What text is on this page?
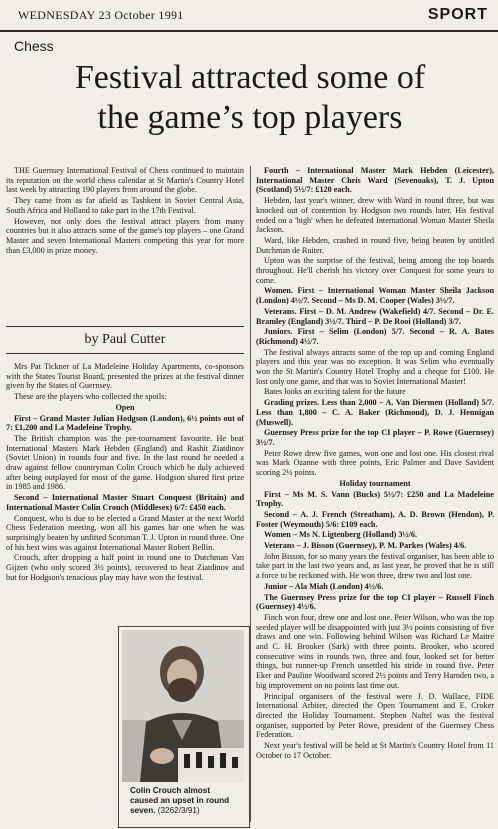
WEDNESDAY 23 October 1991	SPORT
Chess
Festival attracted some of
the game’s top players

THE Guernsey International Festival of Chess continued to maintain its reputation on the world chess calendar at St Martin's Country Hotel last week by attracting 190 players from around the globe.

They came from as far afield as Tashkent in Soviet Central Asia, South Africa and Holland to take part in the 17th Festival.

However, not only does the festival attract players from many countries but it also attracts some of the game's top players – one Grand Master and seven International Masters competing this year for more than £3,000 in prize money.

by Paul Cutter

Mrs Pat Tickner of La Madeleine Holiday Apartments, co-sponsors with the States Tourist Board, presented the prizes at the festival dinner given by the States of Guernsey.

These are the players who collected the spoils:

Open

First – Grand Master Julian Hodgson (London), 6½ points out of 7: £1,200 and La Madeleine Trophy.

The British champion was the pre-tournament favourite. He beat International Masters Mark Hebden (England) and Rashit Ziatdinov (Soviet Union) in rounds four and five. In the last round he needed a draw against fellow countryman Colin Crouch which he duly achieved after being outplayed for most of the game. Hodgson shared first prize in 1985 and 1986.

Second – International Master Stuart Conquest (Britain) and International Master Colin Crouch (Middlesex) 6/7: £450 each.

Conquest, who is due to be elected a Grand Master at the next World Chess Federation meeting, won all his games bar one when he was surprisingly beaten by unfitted Scotsman T. J. Upton in round three. One of his best wins was against International Master Robert Bellin.

Crouch, after dropping a half point in round one to Dutchman Van Gijzen (who only scored 3½ points), recovered to beat Ziatdinov and but for Hodgson's tenacious play may have won the festival.

Fourth – International Master Mark Hebden (Leicester), International Master Chris Ward (Sevenoaks), T. J. Upton (Scotland) 5½/7: £120 each.

Hebden, last year's winner, drew with Ward in round three, but was knocked out of contention by Hodgson two rounds later. His festival ended on a 'high' when he defeated International Woman Master Sheila Jackson.

Ward, like Hebden, crashed in round five, being beaten by untitled Dutchman de Ruiter.

Upton was the surprise of the festival, being among the top boards throughout. He'll cherish his victory over Conquest for some years to come.

Women. First – International Woman Master Sheila Jackson (London) 4½/7. Second – Ms D. M. Cooper (Wales) 3½/7.

Veterans. First – D. M. Andrew (Wakefield) 4/7. Second – Dr. E. Bramley (England) 3½/7. Third – P. De Rooi (Holland) 3/7.

Juniors. First – Selim (London) 5/7. Second – R. A. Bates (Richmond) 4½/7.

The festival always attracts some of the top up and coming England players and this year was no exception. It was Selim who eventually won the St Martin's Country Hotel Trophy and a cheque for £100. He lost only one game, and that was to Soviet International Master!

Bates looks an exciting talent for the future

Grading prizes. Less than 2,000 – A. Van Diermen (Holland) 5/7. Less than 1,800 – C. A. Baker (Richmond), D. J. Hennigan (Muswell).

Guernsey Press prize for the top CI player – P. Rowe (Guernsey) 3½/7.

Peter Rowe drew five games, won one and lost one. His closest rival was Mark Ozanne with three points, Eric Palmer and Dave Savident scoring 2½ points.

Holiday tournament

First – Ms M. S. Vann (Bucks) 5½/7: £250 and La Madeleine Trophy.

Second – A. J. French (Streatham), A. D. Brown (Hendon), P. Foster (Weymouth) 5/6: £109 each.

Women – Ms N. Ligtenberg (Holland) 3½/6.

Veterans – J. Bisson (Guernsey), P. M. Parkes (Wales) 4/6.

John Bisson, for so many years the festival organiser, has been able to take part in the last two years and, as last year, he proved that he is still a force to be reckoned with. He won three, drew two and lost one.

Junior – Ala Miah (London) 4½/6.

The Guernsey Press prize for the top CI player – Russell Finch (Guernsey) 4½/6.

Finch won four, drew one and lost one. Peter Wilson, who was the top seeded player will be disappointed with just 3½ points consisting of five draws and one win. Following behind Wilson was Richard Le Maitre and C. H. Brooker (Sark) with three points. Brooker, who scored consecutive wins in rounds two, three and four, looked set for better things, but runner-up French unsettled his stride in round five. Peter Eker and Pauline Woodward scored 2½ points and Terry Harnden two, a big improvement on no points last time out.

Principal organisers of the festival were J. D. Wallace, FIDE International Arbiter, directed the Open Tournament and E. Croker directed the Holiday Tournament. Stephen Naftel was the festival organiser, supported by Peter Rowe, president of the Guernsey Chess Federation.

Next year's festival will be held at St Martin's Country Hotel from 11 October to 17 October.

Colin Crouch almost caused an upset in round seven. (3262/3/91)
